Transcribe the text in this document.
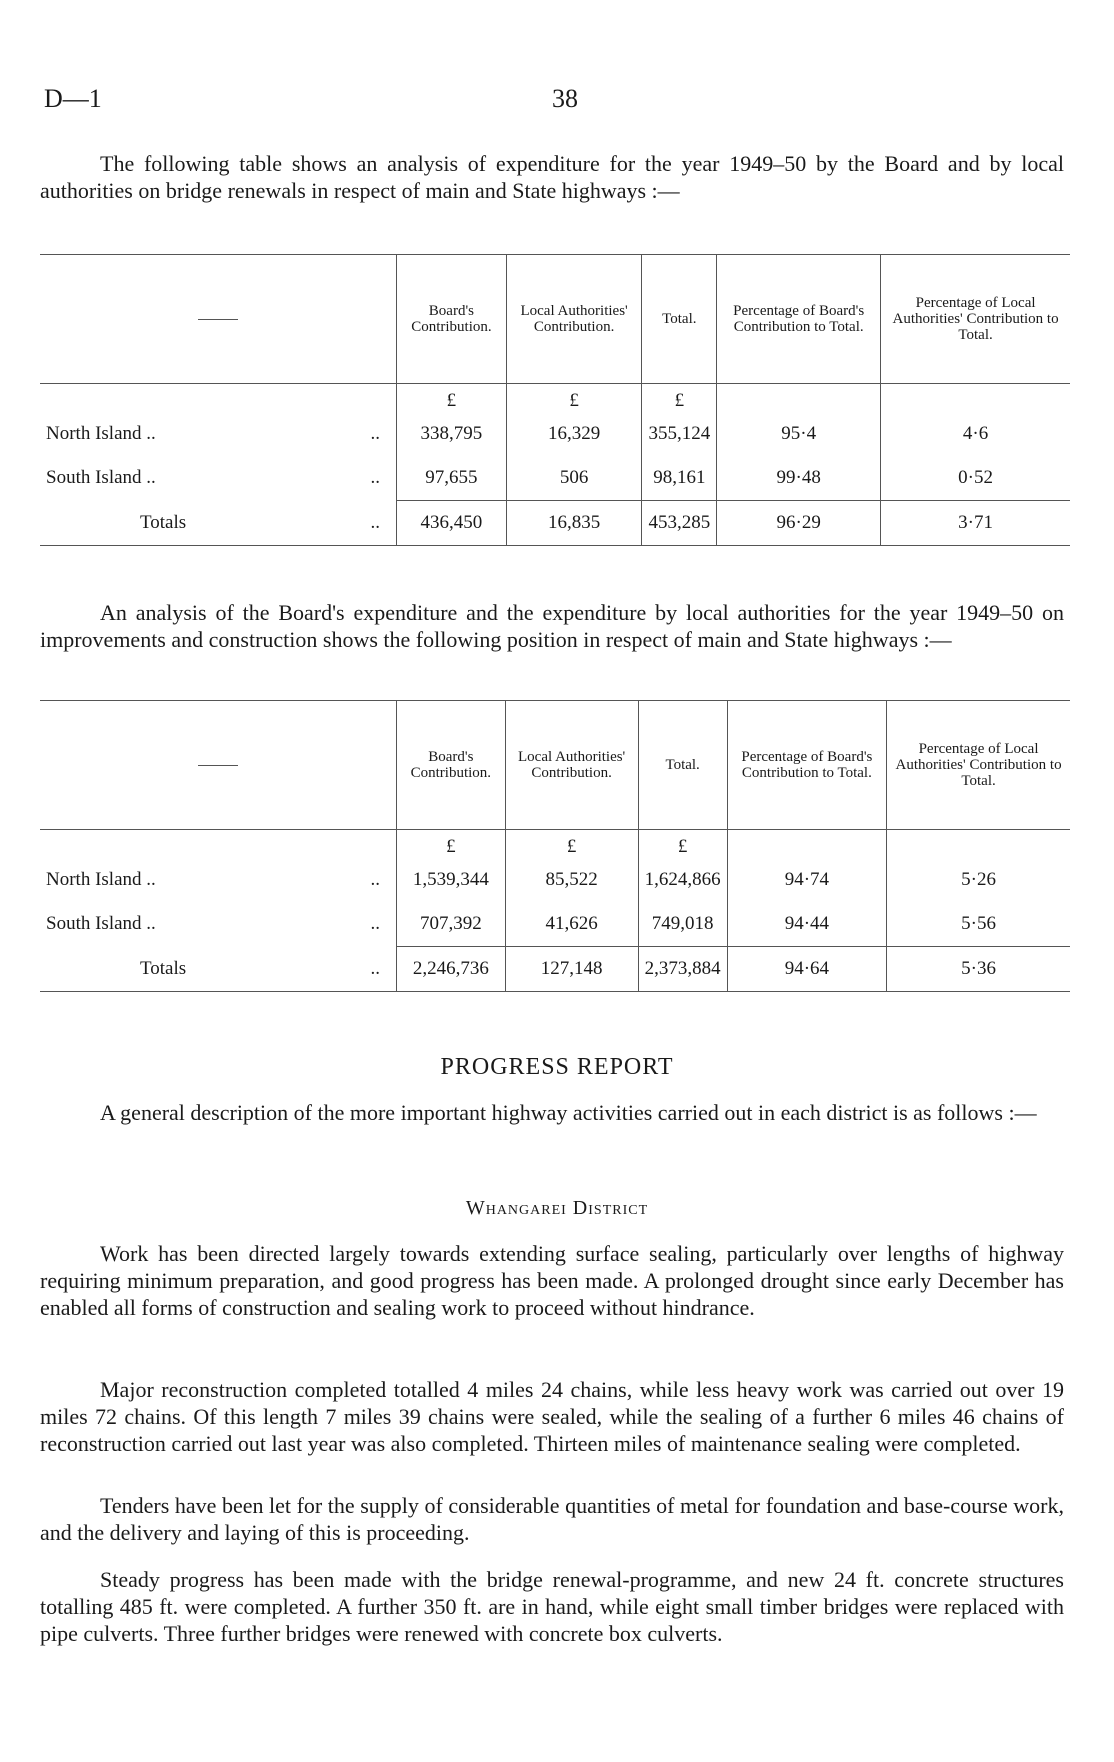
D—1	38

The following table shows an analysis of expenditure for the year 1949–50 by the Board and by local authorities on bridge renewals in respect of main and State highways :—

	Board's Contribution.	Local Authorities' Contribution.	Total.	Percentage of Board's Contribution to Total.	Percentage of Local Authorities' Contribution to Total.
	£	£	£		
North Island .. ..	338,795	16,329	355,124	95·4	4·6
South Island .. ..	97,655	506	98,161	99·48	0·52
Totals ..	436,450	16,835	453,285	96·29	3·71

An analysis of the Board's expenditure and the expenditure by local authorities for the year 1949–50 on improvements and construction shows the following position in respect of main and State highways :—

	Board's Contribution.	Local Authorities' Contribution.	Total.	Percentage of Board's Contribution to Total.	Percentage of Local Authorities' Contribution to Total.
	£	£	£		
North Island .. ..	1,539,344	85,522	1,624,866	94·74	5·26
South Island .. ..	707,392	41,626	749,018	94·44	5·56
Totals ..	2,246,736	127,148	2,373,884	94·64	5·36
PROGRESS REPORT

A general description of the more important highway activities carried out in each district is as follows :—

Whangarei District

Work has been directed largely towards extending surface sealing, particularly over lengths of highway requiring minimum preparation, and good progress has been made. A prolonged drought since early December has enabled all forms of construction and sealing work to proceed without hindrance.

Major reconstruction completed totalled 4 miles 24 chains, while less heavy work was carried out over 19 miles 72 chains. Of this length 7 miles 39 chains were sealed, while the sealing of a further 6 miles 46 chains of reconstruction carried out last year was also completed. Thirteen miles of maintenance sealing were completed.

Tenders have been let for the supply of considerable quantities of metal for foundation and base-course work, and the delivery and laying of this is proceeding.

Steady progress has been made with the bridge renewal-programme, and new 24 ft. concrete structures totalling 485 ft. were completed. A further 350 ft. are in hand, while eight small timber bridges were replaced with pipe culverts. Three further bridges were renewed with concrete box culverts.
